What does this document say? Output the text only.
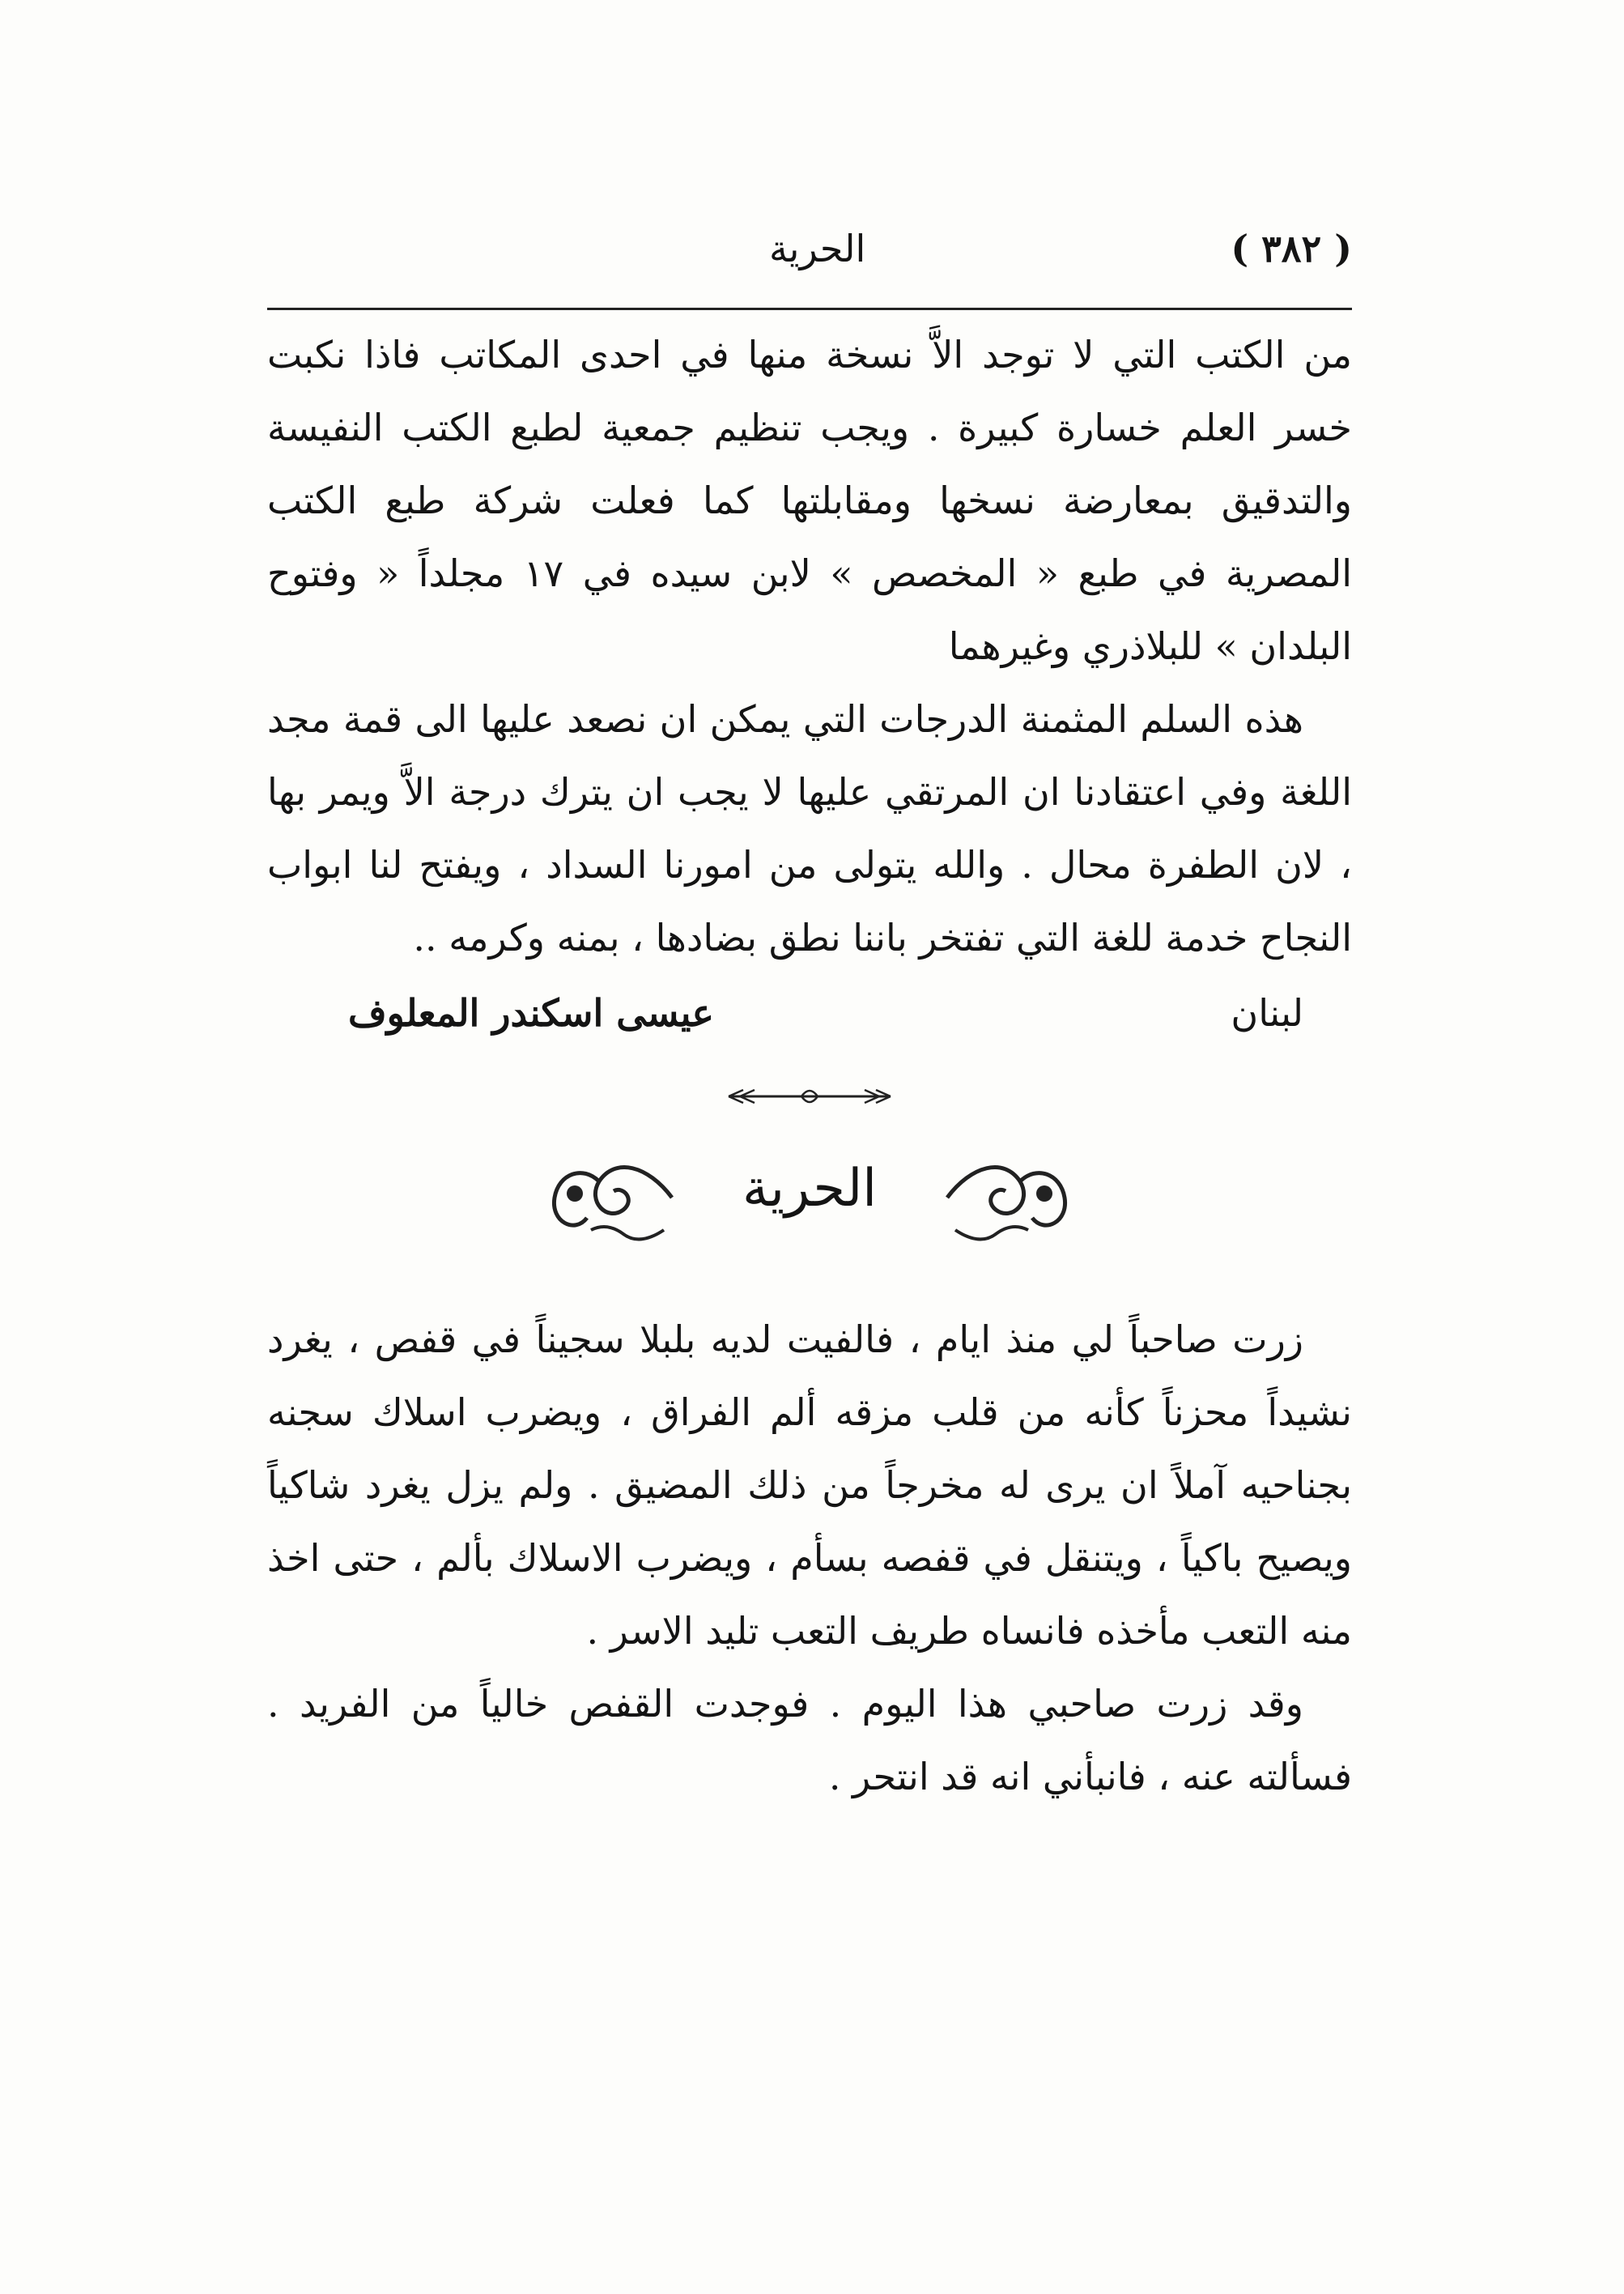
( ٣٨٢ )
الحرية

من الكتب التي لا توجد الاَّ نسخة منها في احدى المكاتب فاذا نكبت خسر العلم خسارة كبيرة . ويجب تنظيم جمعية لطبع الكتب النفيسة والتدقيق بمعارضة نسخها ومقابلتها كما فعلت شركة طبع الكتب المصرية في طبع « المخصص » لابن سيده في ١٧ مجلداً « وفتوح البلدان » للبلاذري وغيرهما

هذه السلم المثمنة الدرجات التي يمكن ان نصعد عليها الى قمة مجد اللغة وفي اعتقادنا ان المرتقي عليها لا يجب ان يترك درجة الاَّ ويمر بها ، لان الطفرة محال . والله يتولى من امورنا السداد ، ويفتح لنا ابواب النجاح خدمة للغة التي تفتخر باننا نطق بضادها ، بمنه وكرمه ..

لبنان
عيسى اسكندر المعلوف
الحرية

زرت صاحباً لي منذ ايام ، فالفيت لديه بلبلا سجيناً في قفص ، يغرد نشيداً محزناً كأنه من قلب مزقه ألم الفراق ، ويضرب اسلاك سجنه بجناحيه آملاً ان يرى له مخرجاً من ذلك المضيق . ولم يزل يغرد شاكياً ويصيح باكياً ، ويتنقل في قفصه بسأم ، ويضرب الاسلاك بألم ، حتى اخذ منه التعب مأخذه فانساه طريف التعب تليد الاسر .

وقد زرت صاحبي هذا اليوم . فوجدت القفص خالياً من الفريد . فسألته عنه ، فانبأني انه قد انتحر .
